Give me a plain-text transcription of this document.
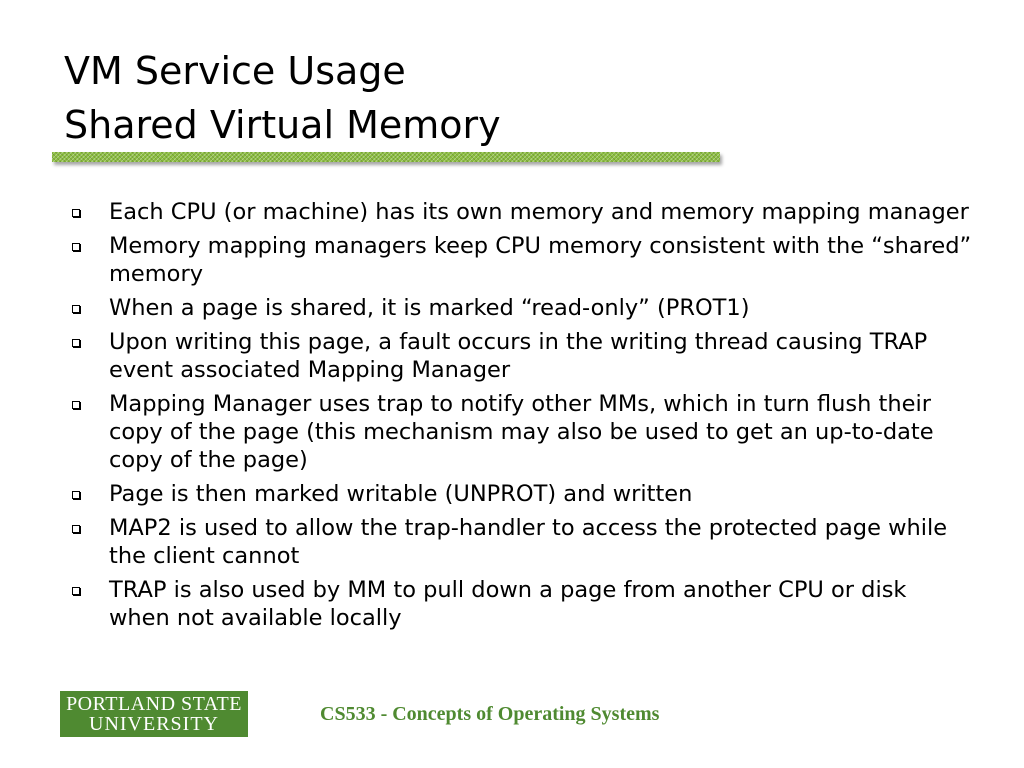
VM Service Usage
Shared Virtual Memory
Each CPU (or machine) has its own memory and memory mapping manager
Memory mapping managers keep CPU memory consistent with the “shared” memory
When a page is shared, it is marked “read-only” (PROT1)
Upon writing this page, a fault occurs in the writing thread causing TRAP event associated Mapping Manager
Mapping Manager uses trap to notify other MMs, which in turn flush their copy of the page (this mechanism may also be used to get an up-to-date copy of the page)
Page is then marked writable (UNPROT) and written
MAP2 is used to allow the trap-handler to access the protected page while the client cannot
TRAP is also used by MM to pull down a page from another CPU or disk when not available locally
PORTLAND STATE
UNIVERSITY	CS533 - Concepts of Operating Systems
